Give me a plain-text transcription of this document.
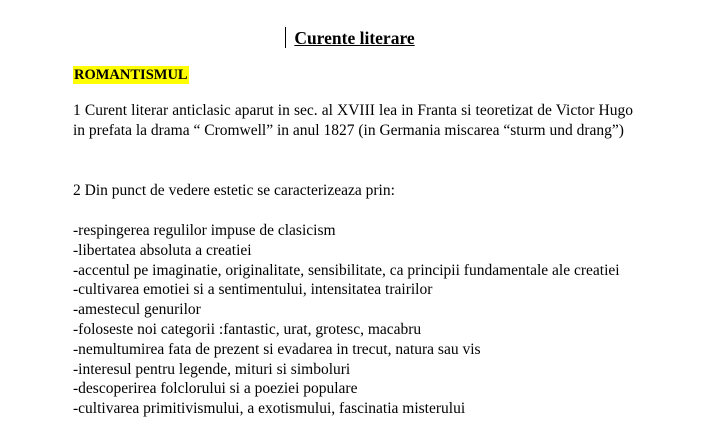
Curente literare
ROMANTISMUL

1 Curent literar anticlasic aparut in sec. al XVIII lea in Franta si teoretizat de Victor Hugo in prefata la drama “ Cromwell” in anul 1827 (in Germania miscarea “sturm und drang”)

2 Din punct de vedere estetic se caracterizeaza prin:

-respingerea regulilor impuse de clasicism
-libertatea absoluta a creatiei
-accentul pe imaginatie, originalitate, sensibilitate, ca principii fundamentale ale creatiei
-cultivarea emotiei si a sentimentului, intensitatea trairilor
-amestecul genurilor
-foloseste noi categorii :fantastic, urat, grotesc, macabru
-nemultumirea fata de prezent si evadarea in trecut, natura sau vis
-interesul pentru legende, mituri si simboluri
-descoperirea folclorului si a poeziei populare
-cultivarea primitivismului, a exotismului, fascinatia misterului
